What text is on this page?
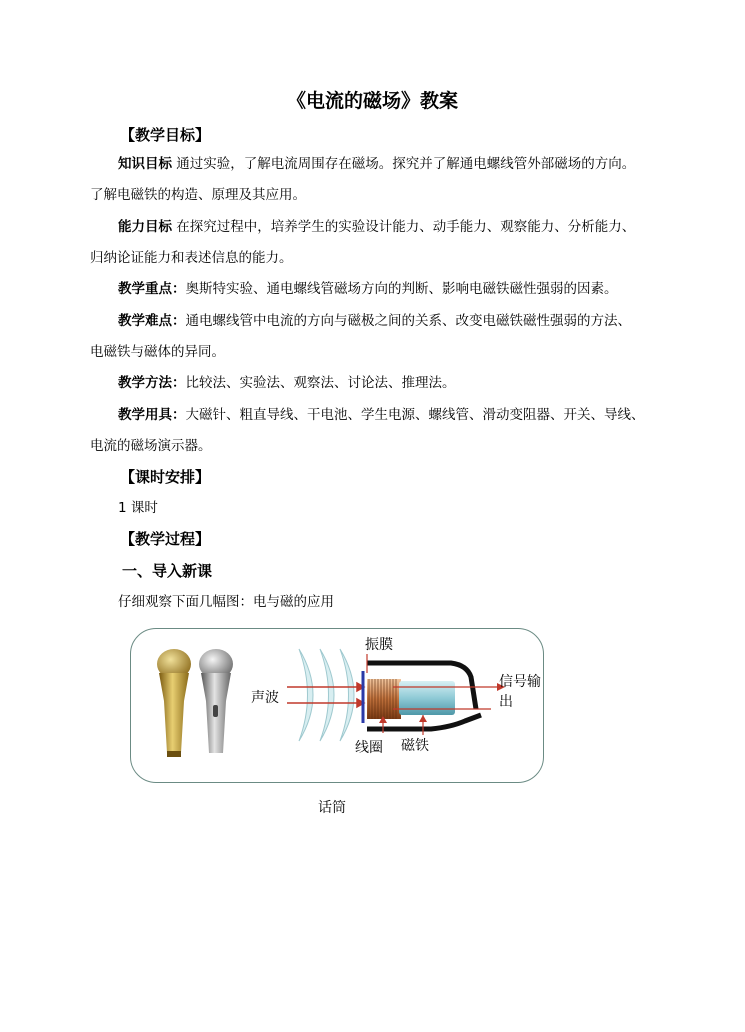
《电流的磁场》教案
【教学目标】
知识目标 通过实验，了解电流周围存在磁场。探究并了解通电螺线管外部磁场的方向。
了解电磁铁的构造、原理及其应用。
能力目标 在探究过程中，培养学生的实验设计能力、动手能力、观察能力、分析能力、
归纳论证能力和表述信息的能力。
教学重点：奥斯特实验、通电螺线管磁场方向的判断、影响电磁铁磁性强弱的因素。
教学难点：通电螺线管中电流的方向与磁极之间的关系、改变电磁铁磁性强弱的方法、
电磁铁与磁体的异同。
教学方法：比较法、实验法、观察法、讨论法、推理法。
教学用具：大磁针、粗直导线、干电池、学生电源、螺线管、滑动变阻器、开关、导线、
电流的磁场演示器。
【课时安排】
1 课时
【教学过程】
一、导入新课
仔细观察下面几幅图：电与磁的应用
振膜
声波
信号输
出
线圈 磁铁
话筒
